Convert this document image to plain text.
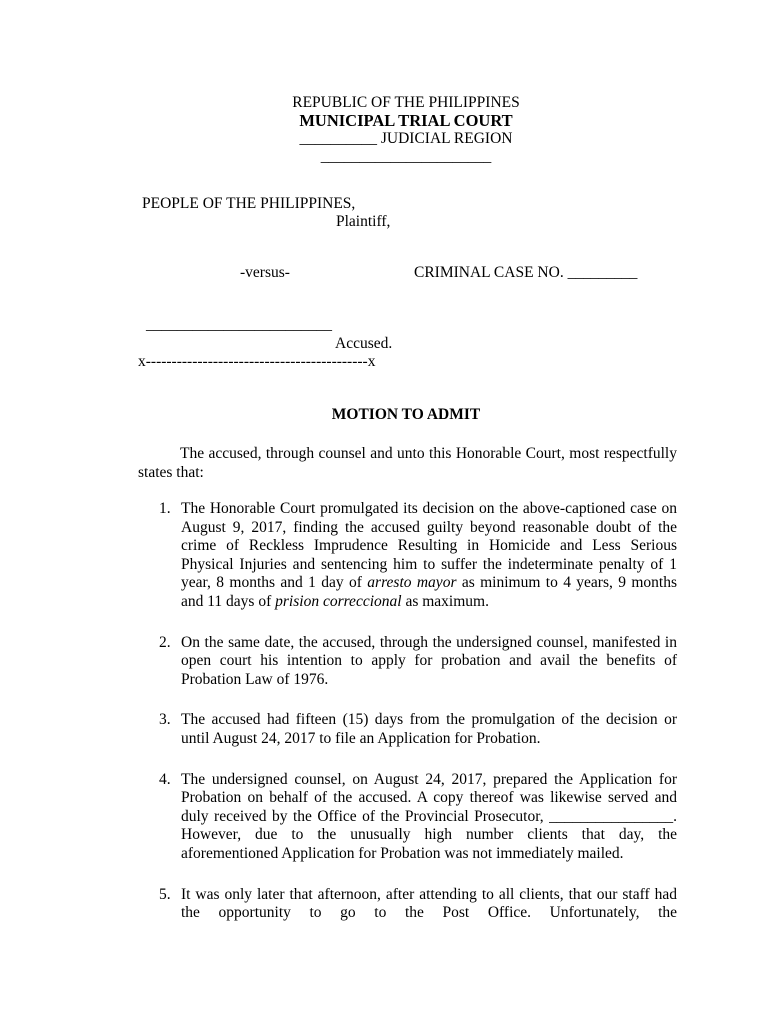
REPUBLIC OF THE PHILIPPINES
MUNICIPAL TRIAL COURT
__________ JUDICIAL REGION
______________________
PEOPLE OF THE PHILIPPINES,
Plaintiff,
-versus-	CRIMINAL CASE NO. _________
________________________
Accused.
x-------------------------------------------x
MOTION TO ADMIT
The accused, through counsel and unto this Honorable Court, most respectfully states that:
1. The Honorable Court promulgated its decision on the above-captioned case on August 9, 2017, finding the accused guilty beyond reasonable doubt of the crime of Reckless Imprudence Resulting in Homicide and Less Serious Physical Injuries and sentencing him to suffer the indeterminate penalty of 1 year, 8 months and 1 day of arresto mayor as minimum to 4 years, 9 months and 11 days of prision correccional as maximum.
2. On the same date, the accused, through the undersigned counsel, manifested in open court his intention to apply for probation and avail the benefits of Probation Law of 1976.
3. The accused had fifteen (15) days from the promulgation of the decision or until August 24, 2017 to file an Application for Probation.
4. The undersigned counsel, on August 24, 2017, prepared the Application for Probation on behalf of the accused. A copy thereof was likewise served and duly received by the Office of the Provincial Prosecutor, ________________. However, due to the unusually high number clients that day, the aforementioned Application for Probation was not immediately mailed.
5. It was only later that afternoon, after attending to all clients, that our staff had the opportunity to go to the Post Office. Unfortunately, the
